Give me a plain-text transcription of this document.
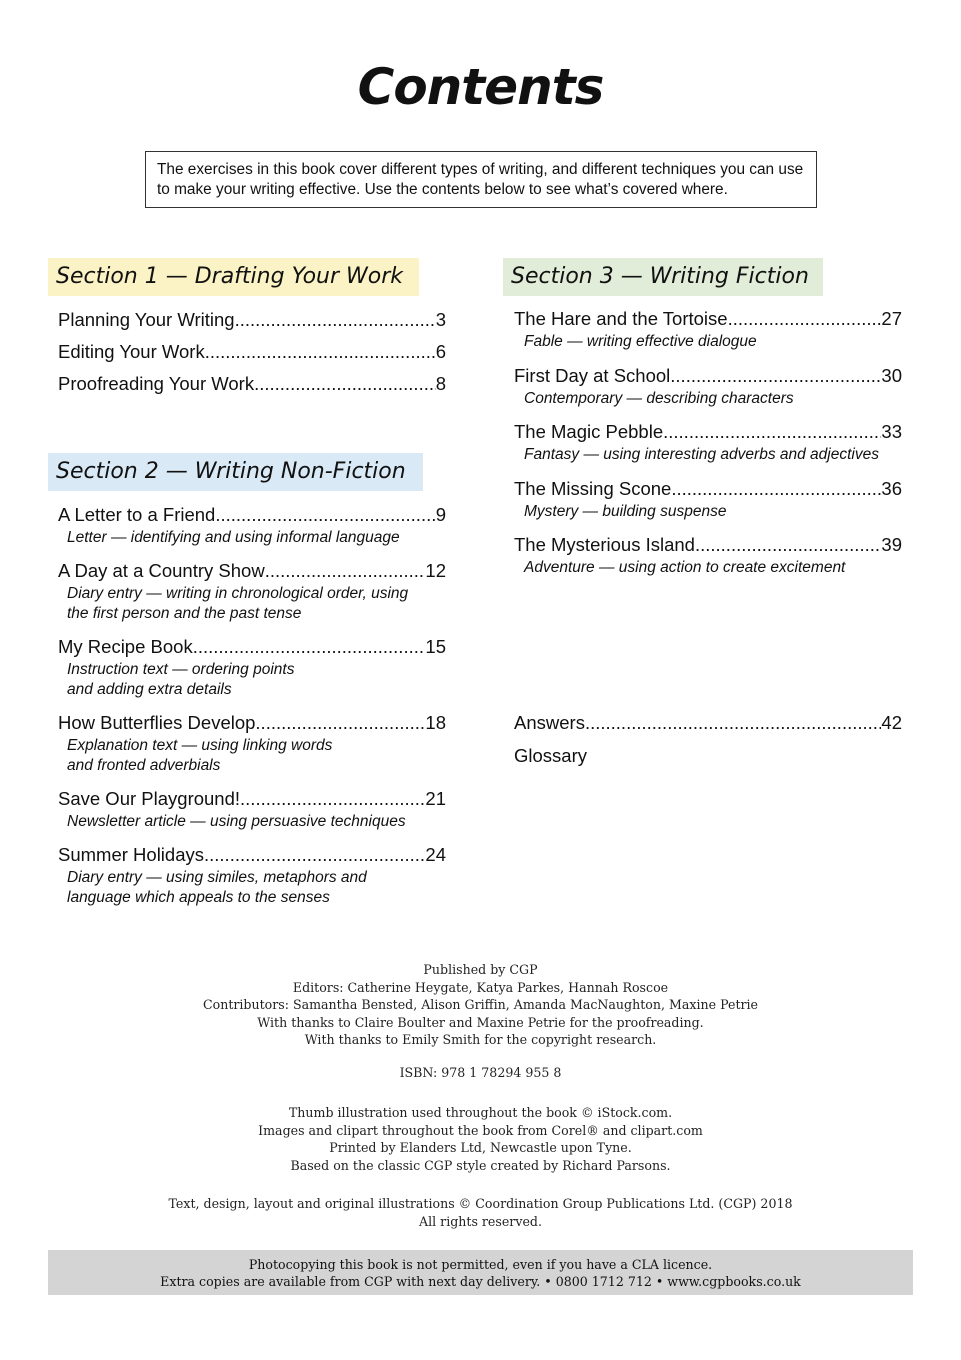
Contents
The exercises in this book cover different types of writing, and different techniques you can use to make your writing effective. Use the contents below to see what’s covered where.
Section 1 — Drafting Your Work
Planning Your Writing .....	3
Editing Your Work .....	6
Proofreading Your Work .....	8
Section 2 — Writing Non-Fiction
A Letter to a Friend .....	9
Letter — identifying and using informal language
A Day at a Country Show .....	12
Diary entry — writing in chronological order, using
the first person and the past tense
My Recipe Book .....	15
Instruction text — ordering points
and adding extra details
How Butterflies Develop .....	18
Explanation text — using linking words
and fronted adverbials
Save Our Playground! .....	21
Newsletter article — using persuasive techniques
Summer Holidays .....	24
Diary entry — using similes, metaphors and
language which appeals to the senses
Section 3 — Writing Fiction
The Hare and the Tortoise .....	27
Fable — writing effective dialogue
First Day at School .....	30
Contemporary — describing characters
The Magic Pebble .....	33
Fantasy — using interesting adverbs and adjectives
The Missing Scone .....	36
Mystery — building suspense
The Mysterious Island .....	39
Adventure — using action to create excitement
Answers .....	42
Glossary
Published by CGP
Editors: Catherine Heygate, Katya Parkes, Hannah Roscoe
Contributors: Samantha Bensted, Alison Griffin, Amanda MacNaughton, Maxine Petrie
With thanks to Claire Boulter and Maxine Petrie for the proofreading.
With thanks to Emily Smith for the copyright research.
ISBN: 978 1 78294 955 8
Thumb illustration used throughout the book © iStock.com.
Images and clipart throughout the book from Corel® and clipart.com
Printed by Elanders Ltd, Newcastle upon Tyne.
Based on the classic CGP style created by Richard Parsons.
Text, design, layout and original illustrations © Coordination Group Publications Ltd. (CGP) 2018
All rights reserved.
Photocopying this book is not permitted, even if you have a CLA licence.
Extra copies are available from CGP with next day delivery. • 0800 1712 712 • www.cgpbooks.co.uk
